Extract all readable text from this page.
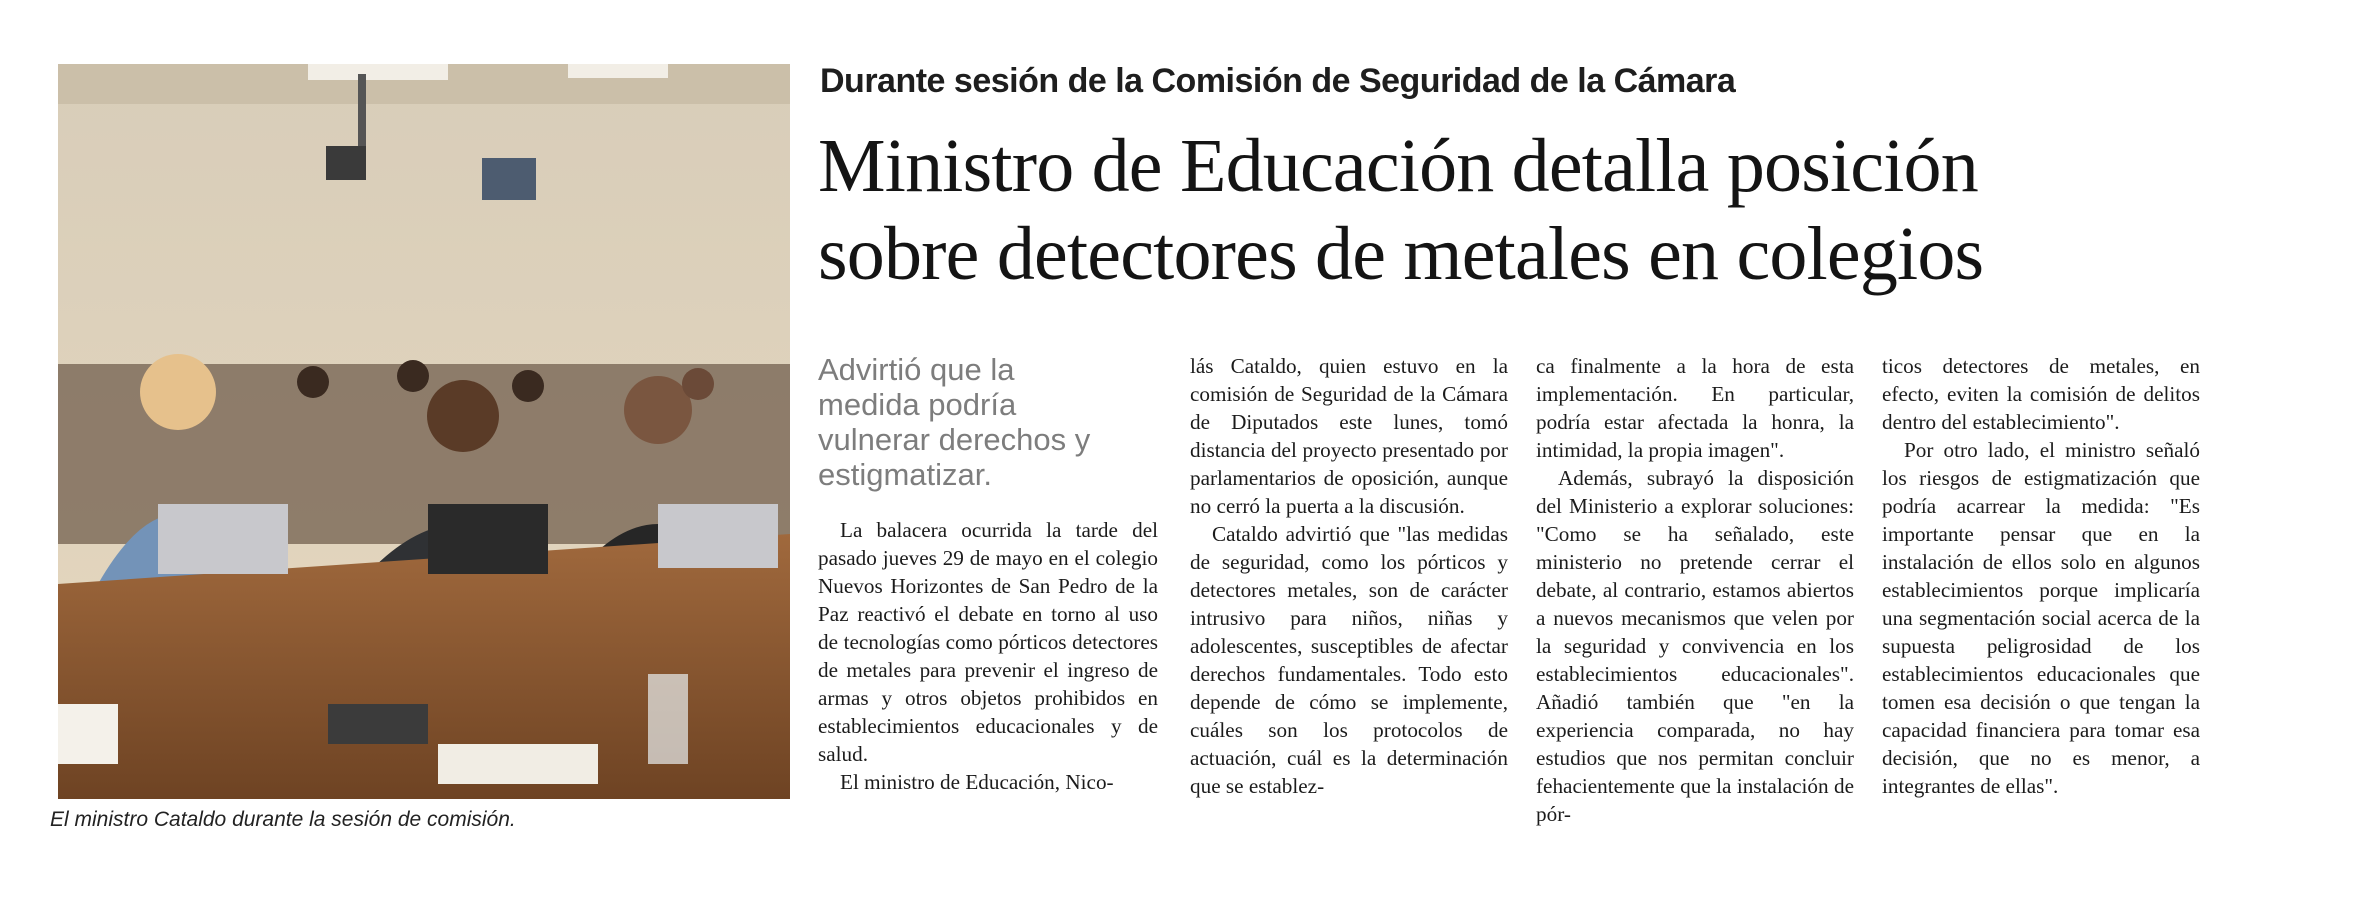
El ministro Cataldo durante la sesión de comisión.
Durante sesión de la Comisión de Seguridad de la Cámara
Ministro de Educación detalla posición
sobre detectores de metales en colegios
Advirtió que la
medida podría
vulnerar derechos y
estigmatizar.

La balacera ocurrida la tarde del pasado jueves 29 de mayo en el colegio Nuevos Horizontes de San Pedro de la Paz reactivó el debate en torno al uso de tecnologías como pórticos detectores de metales para prevenir el ingreso de armas y otros objetos prohibidos en establecimientos educacionales y de salud.

El ministro de Educación, Nico-

lás Cataldo, quien estuvo en la comisión de Seguridad de la Cámara de Diputados este lunes, tomó distancia del proyecto presentado por parlamentarios de oposición, aunque no cerró la puerta a la discusión.

Cataldo advirtió que "las medidas de seguridad, como los pórticos y detectores metales, son de carácter intrusivo para niños, niñas y adolescentes, susceptibles de afectar derechos fundamentales. Todo esto depende de cómo se implemente, cuáles son los protocolos de actuación, cuál es la determinación que se establez-

ca finalmente a la hora de esta implementación. En particular, podría estar afectada la honra, la intimidad, la propia imagen".

Además, subrayó la disposición del Ministerio a explorar soluciones: "Como se ha señalado, este ministerio no pretende cerrar el debate, al contrario, estamos abiertos a nuevos mecanismos que velen por la seguridad y convivencia en los establecimientos educacionales". Añadió también que "en la experiencia comparada, no hay estudios que nos permitan concluir fehacientemente que la instalación de pór-

ticos detectores de metales, en efecto, eviten la comisión de delitos dentro del establecimiento".

Por otro lado, el ministro señaló los riesgos de estigmatización que podría acarrear la medida: "Es importante pensar que en la instalación de ellos solo en algunos establecimientos porque implicaría una segmentación social acerca de la supuesta peligrosidad de los establecimientos educacionales que tomen esa decisión o que tengan la capacidad financiera para tomar esa decisión, que no es menor, a integrantes de ellas".
